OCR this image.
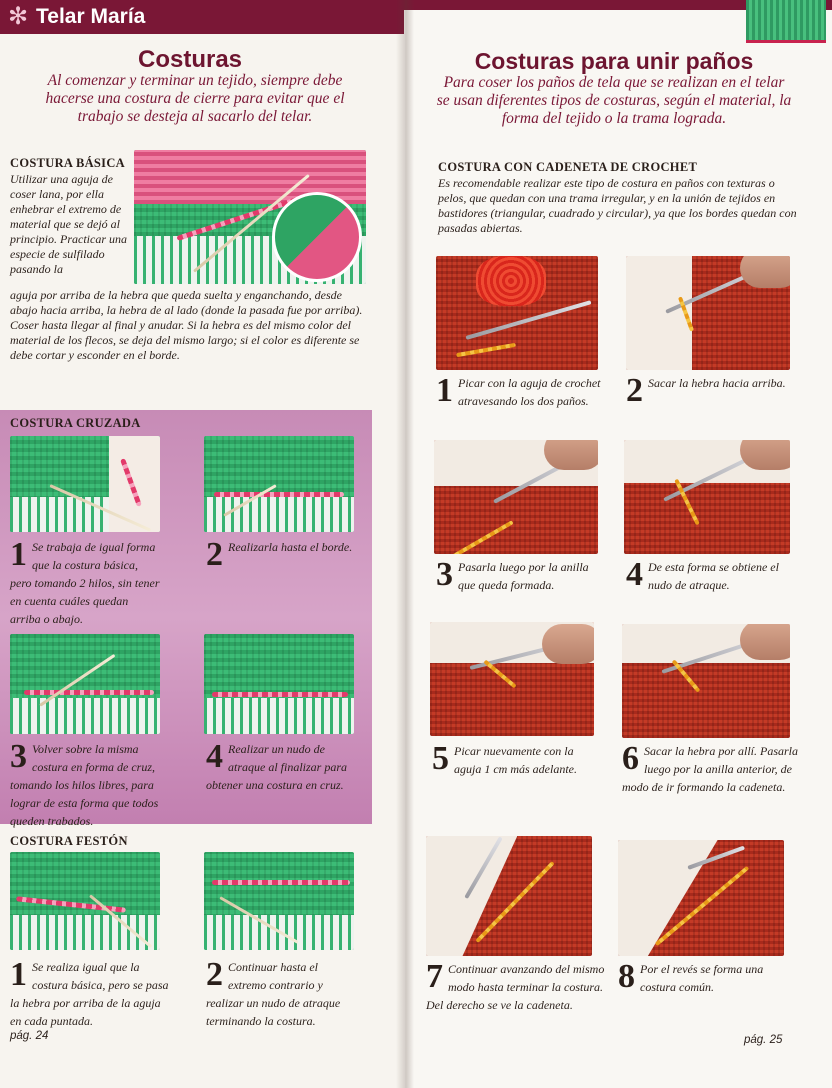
✻ Telar María
Costuras
Al comenzar y terminar un tejido, siempre debe hacerse una costura de cierre para evitar que el trabajo se desteja al sacarlo del telar.
COSTURA BÁSICA
Utilizar una aguja de coser lana, por ella enhebrar el extremo de material que se dejó al principio. Practicar una especie de sulfilado pasando la
aguja por arriba de la hebra que queda suelta y enganchando, desde abajo hacia arriba, la hebra de al lado (donde la pasada fue por arriba). Coser hasta llegar al final y anudar. Si la hebra es del mismo color del material de los flecos, se deja del mismo largo; si el color es diferente se debe cortar y esconder en el borde.
COSTURA CRUZADA
1 Se trabaja de igual forma que la costura básica, pero tomando 2 hilos, sin tener en cuenta cuáles quedan arriba o abajo.
2 Realizarla hasta el borde.
3 Volver sobre la misma costura en forma de cruz, tomando los hilos libres, para lograr de esta forma que todos queden trabados.
4 Realizar un nudo de atraque al finalizar para obtener una costura en cruz.
COSTURA FESTÓN
1 Se realiza igual que la costura básica, pero se pasa la hebra por arriba de la aguja en cada puntada.
2 Continuar hasta el extremo contrario y realizar un nudo de atraque terminando la costura.
pág. 24
Costuras para unir paños
Para coser los paños de tela que se realizan en el telar se usan diferentes tipos de costuras, según el material, la forma del tejido o la trama lograda.
COSTURA CON CADENETA DE CROCHET
Es recomendable realizar este tipo de costura en paños con texturas o pelos, que quedan con una trama irregular, y en la unión de tejidos en bastidores (triangular, cuadrado y circular), ya que los bordes quedan con pasadas abiertas.
1 Picar con la aguja de crochet atravesando los dos paños.	2 Sacar la hebra hacia arriba.
3 Pasarla luego por la anilla que queda formada.	4 De esta forma se obtiene el nudo de atraque.
5 Picar nuevamente con la aguja 1 cm más adelante.	6 Sacar la hebra por allí. Pasarla luego por la anilla anterior, de modo de ir formando la cadeneta.
7 Continuar avanzando del mismo modo hasta terminar la costura. Del derecho se ve la cadeneta.
8 Por el revés se forma una costura común.
pág. 25
